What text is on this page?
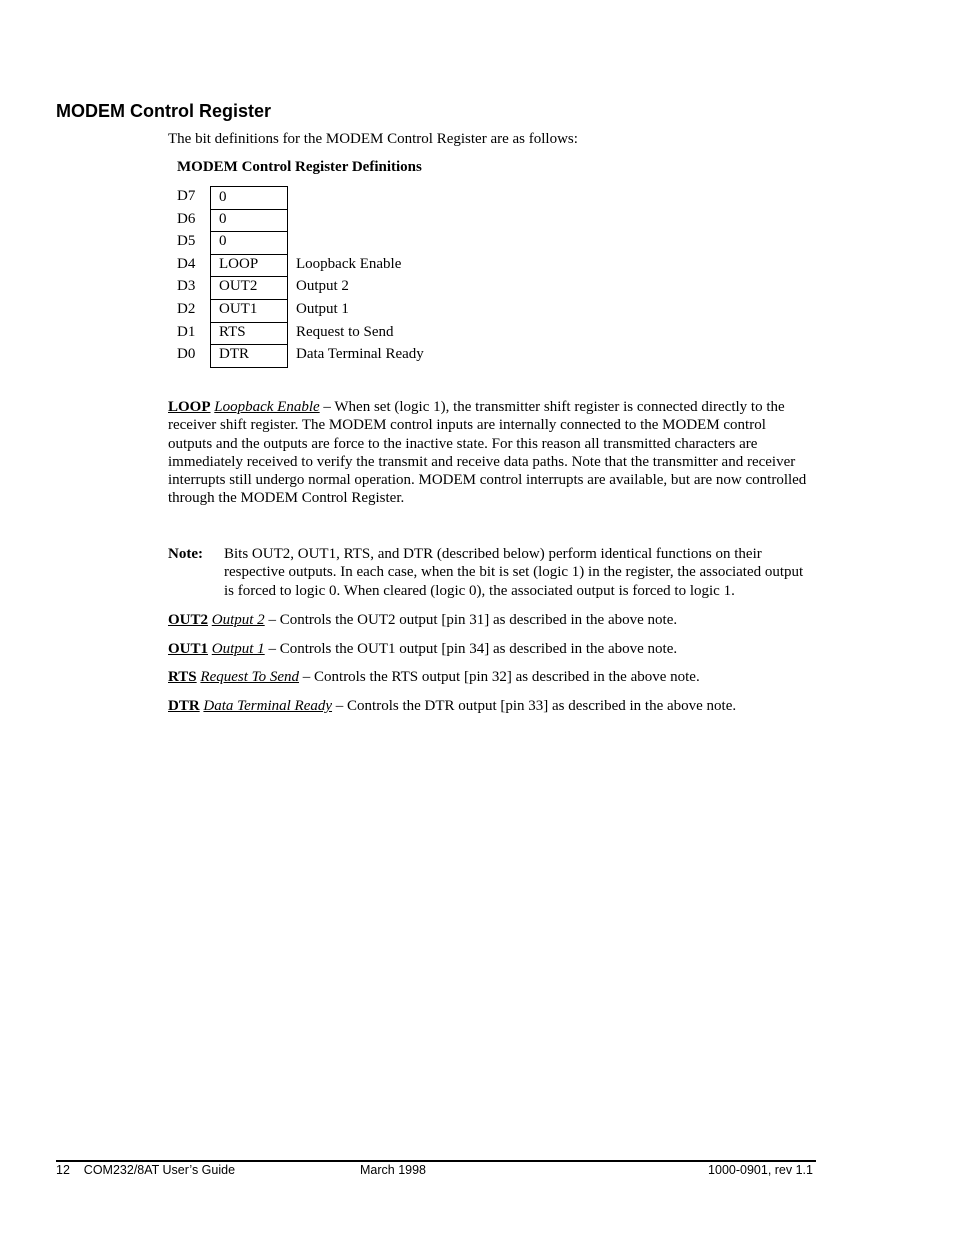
MODEM Control Register

The bit definitions for the MODEM Control Register are as follows:

MODEM Control Register Definitions

D7	0
D6	0
D5	0
D4	LOOP	Loopback Enable
D3	OUT2	Output 2
D2	OUT1	Output 1
D1	RTS	Request to Send
D0	DTR	Data Terminal Ready

LOOP Loopback Enable – When set (logic 1), the transmitter shift register is connected directly to the receiver shift register. The MODEM control inputs are internally connected to the MODEM control outputs and the outputs are force to the inactive state. For this reason all transmitted characters are immediately received to verify the transmit and receive data paths. Note that the transmitter and receiver interrupts still undergo normal operation. MODEM control interrupts are available, but are now controlled through the MODEM Control Register.

Note: Bits OUT2, OUT1, RTS, and DTR (described below) perform identical functions on their respective outputs. In each case, when the bit is set (logic 1) in the register, the associated output is forced to logic 0. When cleared (logic 0), the associated output is forced to logic 1.

OUT2 Output 2 – Controls the OUT2 output [pin 31] as described in the above note.

OUT1 Output 1 – Controls the OUT1 output [pin 34] as described in the above note.

RTS Request To Send – Controls the RTS output [pin 32] as described in the above note.

DTR Data Terminal Ready – Controls the DTR output [pin 33] as described in the above note.

12    COM232/8AT User’s Guide	March 1998	1000-0901, rev 1.1
